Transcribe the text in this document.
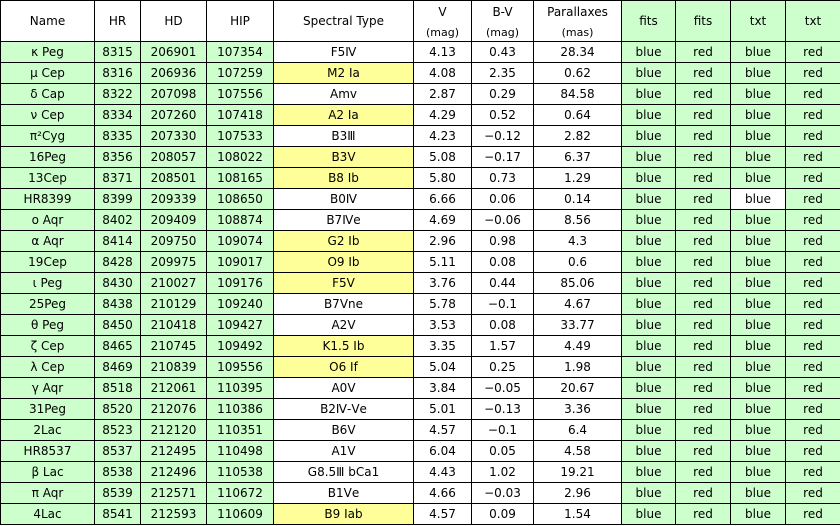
Name	HR	HD	HIP	Spectral Type	V	B-V	Parallaxes	fits	fits	txt	txt
					(mag)	(mag)	(mas)				
κ Peg	8315	206901	107354	F5Ⅳ	4.13	0.43	28.34	blue	red	blue	red
μ Cep	8316	206936	107259	M2 Ⅰa	4.08	2.35	0.62	blue	red	blue	red
δ Cap	8322	207098	107556	Amv	2.87	0.29	84.58	blue	red	blue	red
ν Cep	8334	207260	107418	A2 Ⅰa	4.29	0.52	0.64	blue	red	blue	red
π²Cyg	8335	207330	107533	B3Ⅲ	4.23	−0.12	2.82	blue	red	blue	red
16Peg	8356	208057	108022	B3Ⅴ	5.08	−0.17	6.37	blue	red	blue	red
13Cep	8371	208501	108165	B8 Ⅰb	5.80	0.73	1.29	blue	red	blue	red
HR8399	8399	209339	108650	B0Ⅳ	6.66	0.06	0.14	blue	red	blue	red
ο Aqr	8402	209409	108874	B7Ⅳe	4.69	−0.06	8.56	blue	red	blue	red
α Aqr	8414	209750	109074	G2 Ⅰb	2.96	0.98	4.3	blue	red	blue	red
19Cep	8428	209975	109017	O9 Ⅰb	5.11	0.08	0.6	blue	red	blue	red
ι Peg	8430	210027	109176	F5Ⅴ	3.76	0.44	85.06	blue	red	blue	red
25Peg	8438	210129	109240	B7Ⅴne	5.78	−0.1	4.67	blue	red	blue	red
θ Peg	8450	210418	109427	A2Ⅴ	3.53	0.08	33.77	blue	red	blue	red
ζ Cep	8465	210745	109492	K1.5 Ⅰb	3.35	1.57	4.49	blue	red	blue	red
λ Cep	8469	210839	109556	O6 Ⅰf	5.04	0.25	1.98	blue	red	blue	red
γ Aqr	8518	212061	110395	A0Ⅴ	3.84	−0.05	20.67	blue	red	blue	red
31Peg	8520	212076	110386	B2Ⅳ-Ⅴe	5.01	−0.13	3.36	blue	red	blue	red
2Lac	8523	212120	110351	B6Ⅴ	4.57	−0.1	6.4	blue	red	blue	red
HR8537	8537	212495	110498	A1Ⅴ	6.04	0.05	4.58	blue	red	blue	red
β Lac	8538	212496	110538	G8.5Ⅲ bCa1	4.43	1.02	19.21	blue	red	blue	red
π Aqr	8539	212571	110672	B1Ⅴe	4.66	−0.03	2.96	blue	red	blue	red
4Lac	8541	212593	110609	B9 Ⅰab	4.57	0.09	1.54	blue	red	blue	red
